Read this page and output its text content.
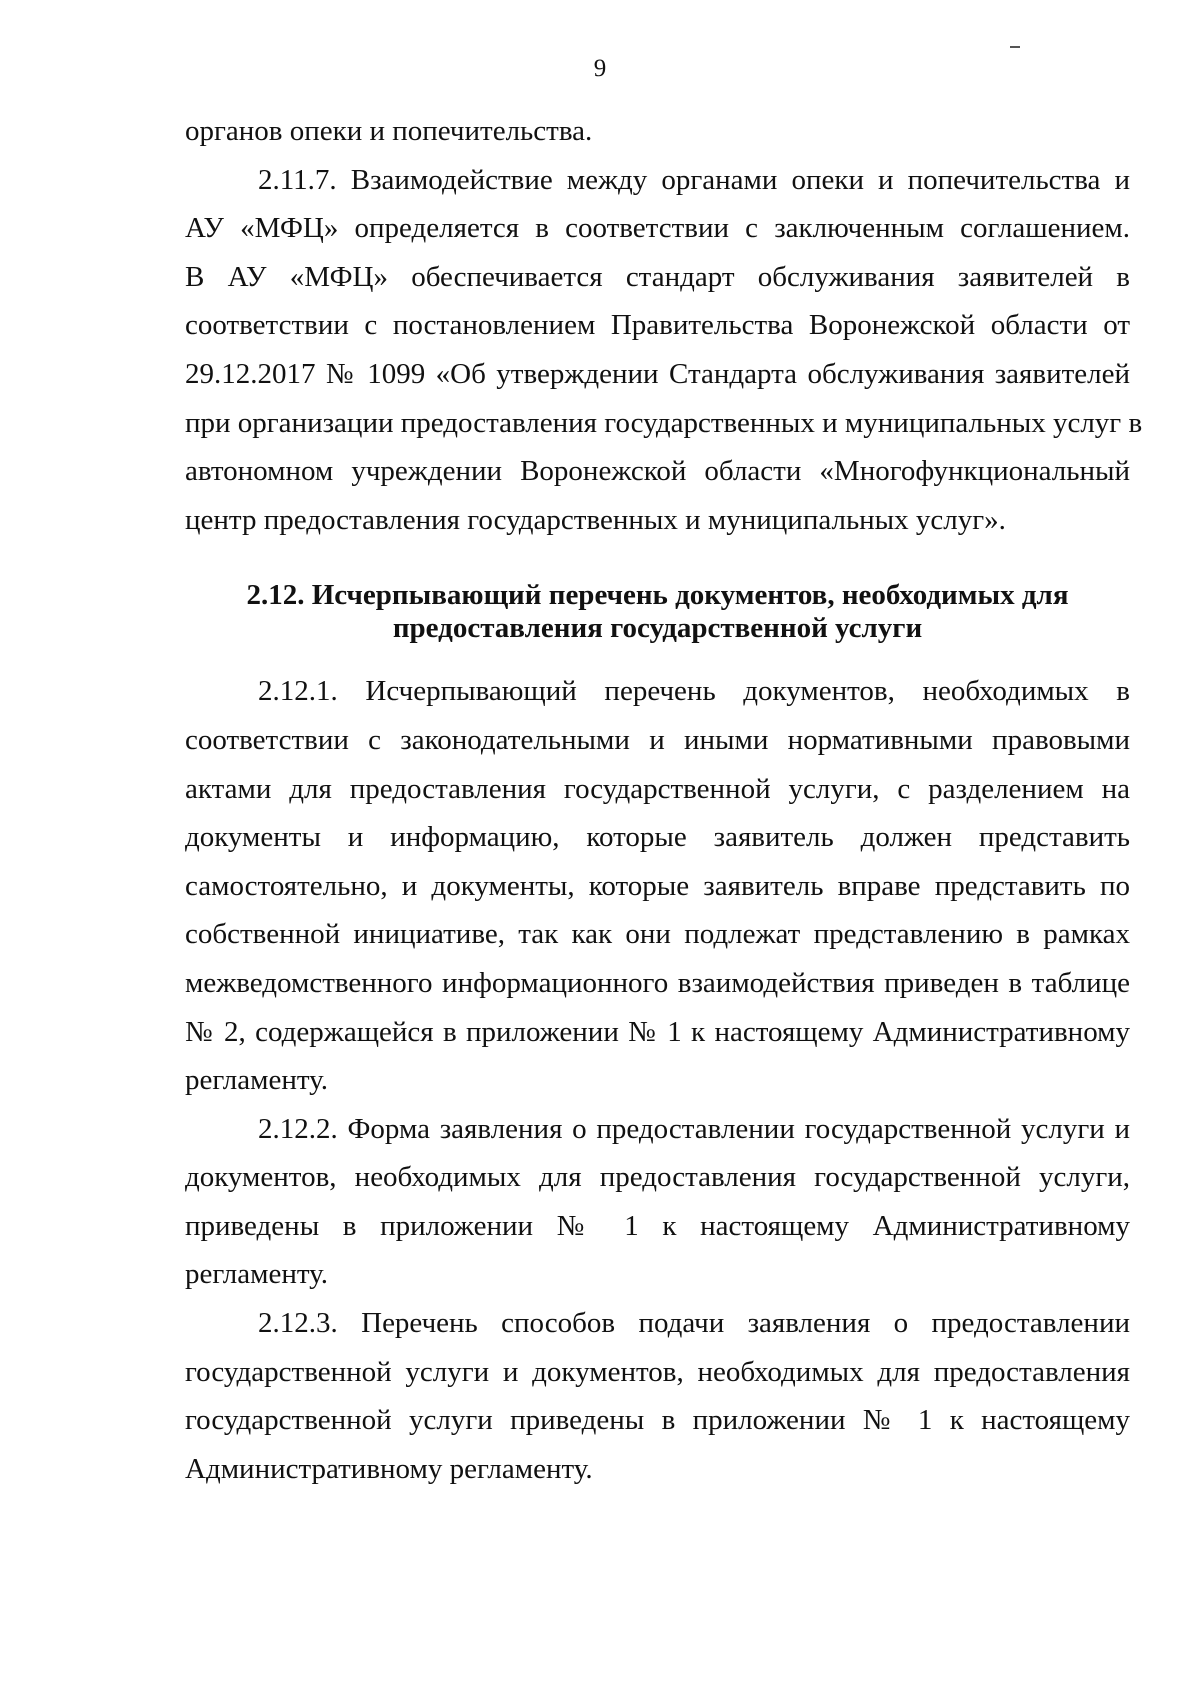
9
органов опеки и попечительства.
2.11.7. Взаимодействие между органами опеки и попечительства и
АУ «МФЦ» определяется в соответствии с заключенным соглашением.
В АУ «МФЦ» обеспечивается стандарт обслуживания заявителей в
соответствии с постановлением Правительства Воронежской области от
29.12.2017 № 1099 «Об утверждении Стандарта обслуживания заявителей
при организации предоставления государственных и муниципальных услуг в
автономном учреждении Воронежской области «Многофункциональный
центр предоставления государственных и муниципальных услуг».
2.12. Исчерпывающий перечень документов, необходимых для
предоставления государственной услуги
2.12.1. Исчерпывающий перечень документов, необходимых в
соответствии с законодательными и иными нормативными правовыми
актами для предоставления государственной услуги, с разделением на
документы и информацию, которые заявитель должен представить
самостоятельно, и документы, которые заявитель вправе представить по
собственной инициативе, так как они подлежат представлению в рамках
межведомственного информационного взаимодействия приведен в таблице
№ 2, содержащейся в приложении № 1 к настоящему Административному
регламенту.
2.12.2. Форма заявления о предоставлении государственной услуги и
документов, необходимых для предоставления государственной услуги,
приведены в приложении № 1 к настоящему Административному
регламенту.
2.12.3. Перечень способов подачи заявления о предоставлении
государственной услуги и документов, необходимых для предоставления
государственной услуги приведены в приложении № 1 к настоящему
Административному регламенту.
